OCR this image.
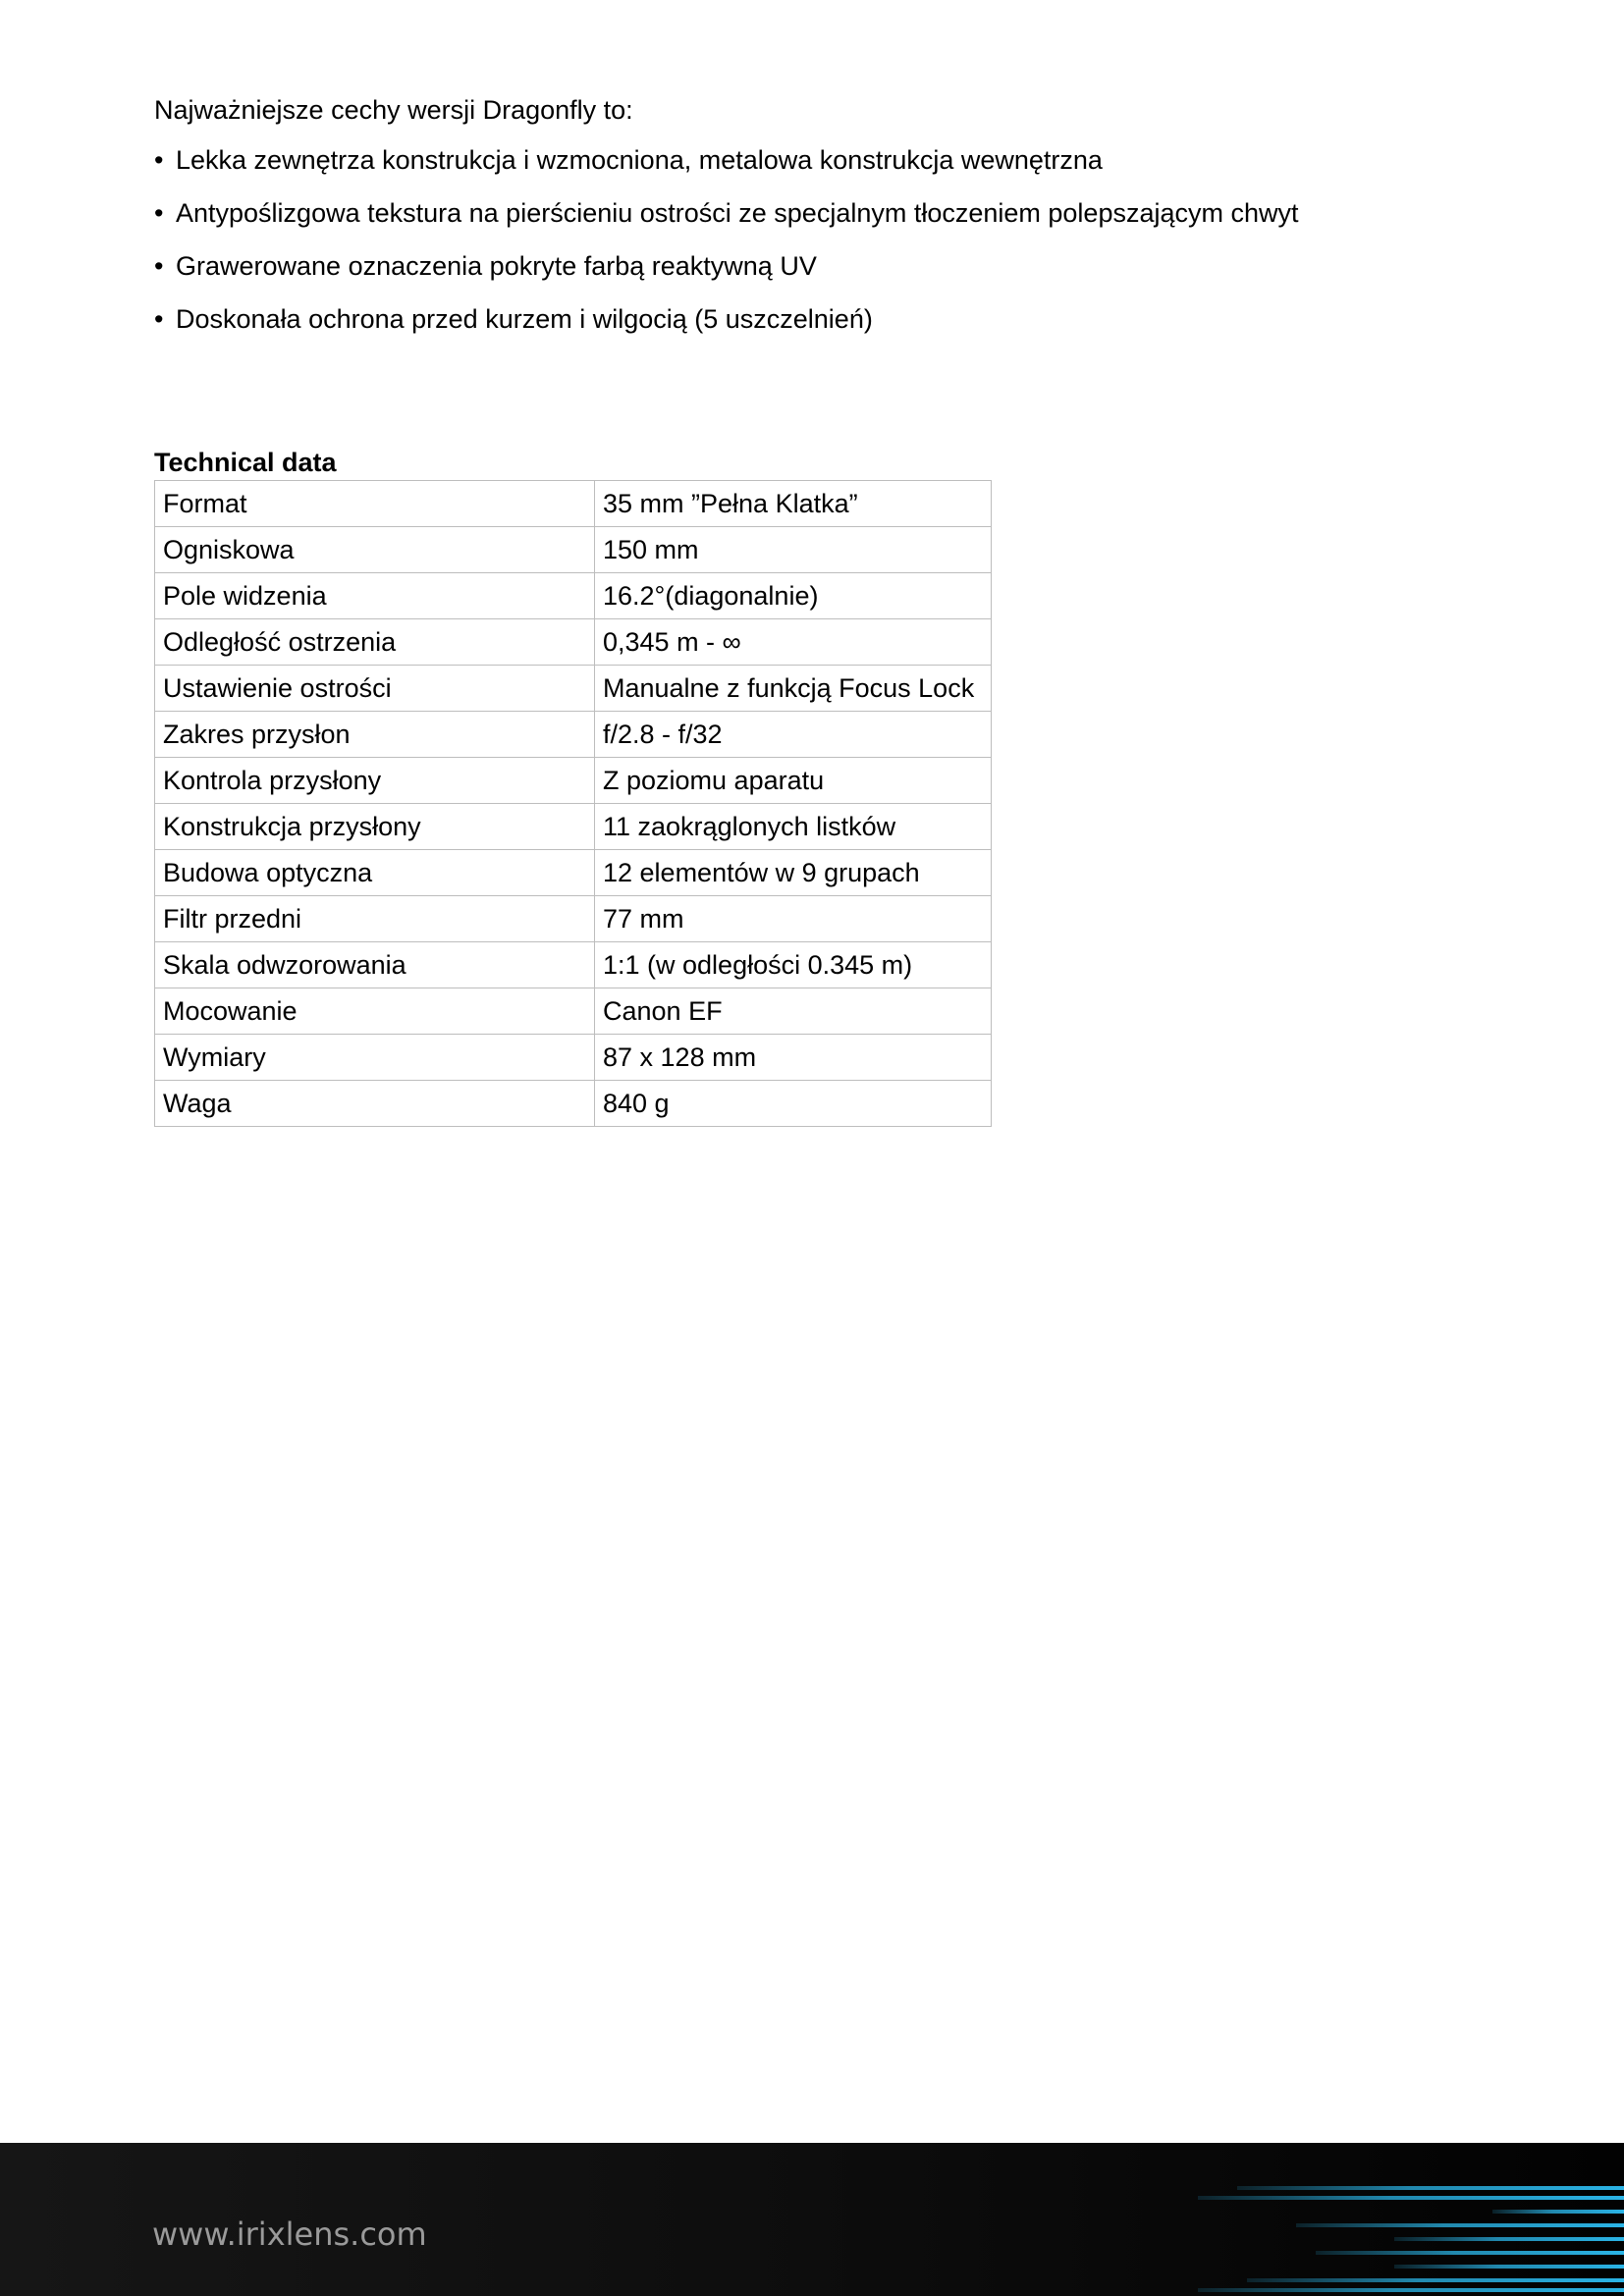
Najważniejsze cechy wersji Dragonfly to:
• Lekka zewnętrza konstrukcja i wzmocniona, metalowa konstrukcja wewnętrzna
• Antypoślizgowa tekstura na pierścieniu ostrości ze specjalnym tłoczeniem polepszającym chwyt
• Grawerowane oznaczenia pokryte farbą reaktywną UV
• Doskonała ochrona przed kurzem i wilgocią (5 uszczelnień)
Technical data
Format	35 mm ”Pełna Klatka”
Ogniskowa	150 mm
Pole widzenia	16.2°(diagonalnie)
Odległość ostrzenia	0,345 m - ∞
Ustawienie ostrości	Manualne z funkcją Focus Lock
Zakres przysłon	f/2.8 - f/32
Kontrola przysłony	Z poziomu aparatu
Konstrukcja przysłony	11 zaokrąglonych listków
Budowa optyczna	12 elementów w 9 grupach
Filtr przedni	77 mm
Skala odwzorowania	1:1 (w odległości 0.345 m)
Mocowanie	Canon EF
Wymiary	87 x 128 mm
Waga	840 g
www.irixlens.com
